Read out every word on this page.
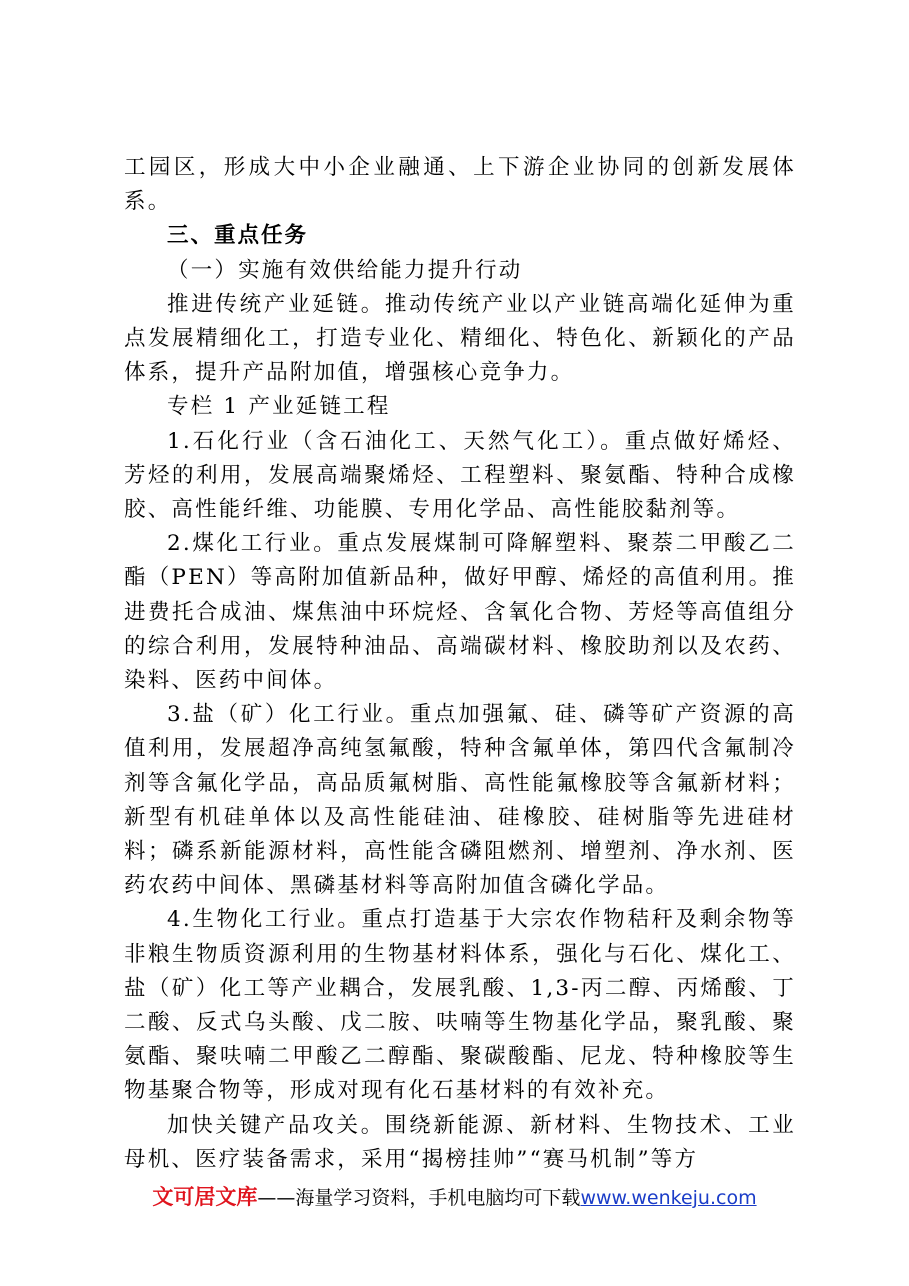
工园区，形成大中小企业融通、上下游企业协同的创新发展体系。

三、重点任务

（一）实施有效供给能力提升行动

推进传统产业延链。推动传统产业以产业链高端化延伸为重点发展精细化工，打造专业化、精细化、特色化、新颖化的产品体系，提升产品附加值，增强核心竞争力。

专栏 1 产业延链工程

1.石化行业（含石油化工、天然气化工）。重点做好烯烃、芳烃的利用，发展高端聚烯烃、工程塑料、聚氨酯、特种合成橡胶、高性能纤维、功能膜、专用化学品、高性能胶黏剂等。

2.煤化工行业。重点发展煤制可降解塑料、聚萘二甲酸乙二酯（PEN）等高附加值新品种，做好甲醇、烯烃的高值利用。推进费托合成油、煤焦油中环烷烃、含氧化合物、芳烃等高值组分的综合利用，发展特种油品、高端碳材料、橡胶助剂以及农药、染料、医药中间体。

3.盐（矿）化工行业。重点加强氟、硅、磷等矿产资源的高值利用，发展超净高纯氢氟酸，特种含氟单体，第四代含氟制冷剂等含氟化学品，高品质氟树脂、高性能氟橡胶等含氟新材料；新型有机硅单体以及高性能硅油、硅橡胶、硅树脂等先进硅材料；磷系新能源材料，高性能含磷阻燃剂、增塑剂、净水剂、医药农药中间体、黑磷基材料等高附加值含磷化学品。

4.生物化工行业。重点打造基于大宗农作物秸秆及剩余物等非粮生物质资源利用的生物基材料体系，强化与石化、煤化工、盐（矿）化工等产业耦合，发展乳酸、1,3-丙二醇、丙烯酸、丁二酸、反式乌头酸、戊二胺、呋喃等生物基化学品，聚乳酸、聚氨酯、聚呋喃二甲酸乙二醇酯、聚碳酸酯、尼龙、特种橡胶等生物基聚合物等，形成对现有化石基材料的有效补充。

加快关键产品攻关。围绕新能源、新材料、生物技术、工业母机、医疗装备需求，采用“揭榜挂帅”“赛马机制”等方

文可居文库——海量学习资料，手机电脑均可下载www.wenkeju.com
